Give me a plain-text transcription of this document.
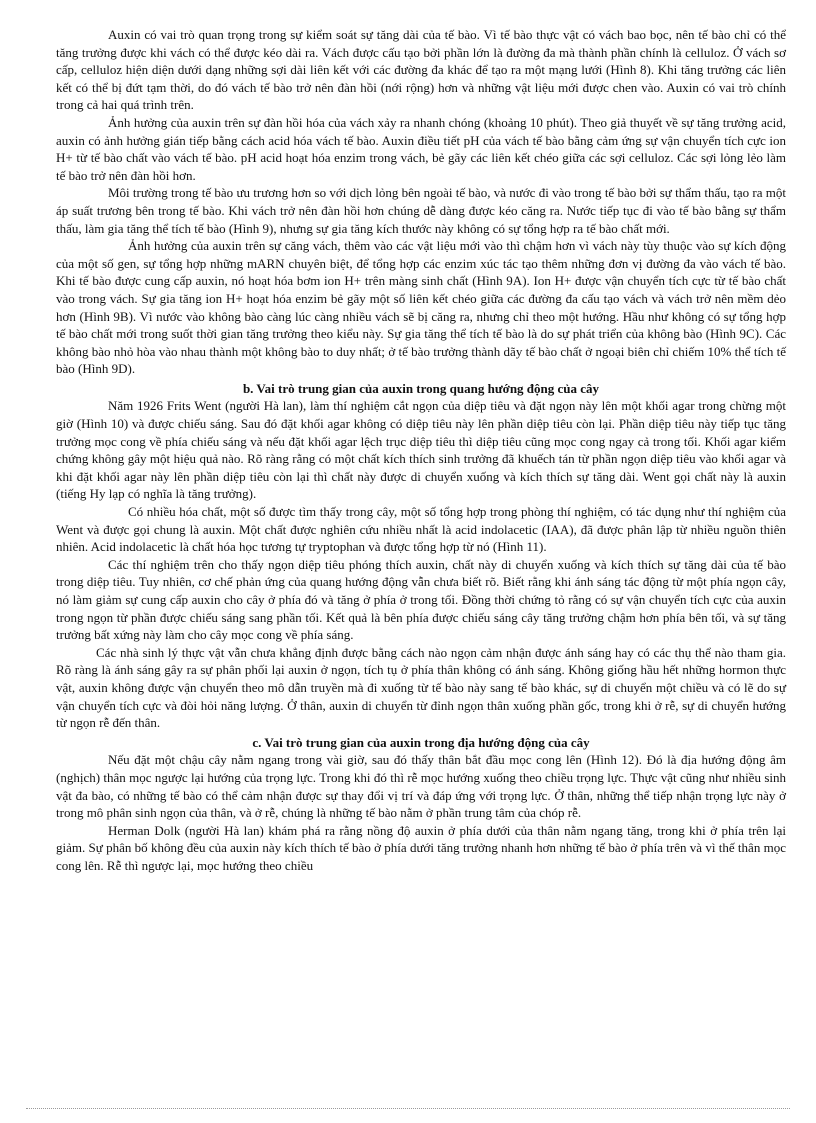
Auxin có vai trò quan trọng trong sự kiểm soát sự tăng dài của tế bào. Vì tế bào thực vật có vách bao bọc, nên tế bào chỉ có thể tăng trưởng được khi vách có thể được kéo dài ra. Vách được cấu tạo bởi phần lớn là đường đa mà thành phần chính là celluloz. Ở vách sơ cấp, celluloz hiện diện dưới dạng những sợi dài liên kết với các đường đa khác để tạo ra một mạng lưới (Hình 8). Khi tăng trưởng các liên kết có thể bị đứt tạm thời, do đó vách tế bào trở nên đàn hồi (nới rộng) hơn và những vật liệu mới được chen vào. Auxin có vai trò chính trong cả hai quá trình trên.

Ảnh hưởng của auxin trên sự đàn hồi hóa của vách xảy ra nhanh chóng (khoảng 10 phút). Theo giả thuyết về sự tăng trưởng acid, auxin có ảnh hưởng gián tiếp bằng cách acid hóa vách tế bào. Auxin điều tiết pH của vách tế bào bằng cảm ứng sự vận chuyển tích cực ion H+ từ tế bào chất vào vách tế bào. pH acid hoạt hóa enzim trong vách, bẻ gãy các liên kết chéo giữa các sợi celluloz. Các sợi lỏng lẻo làm tế bào trở nên đàn hồi hơn.

Môi trường trong tế bào ưu trương hơn so với dịch lỏng bên ngoài tế bào, và nước đi vào trong tế bào bởi sự thẩm thấu, tạo ra một áp suất trương bên trong tế bào. Khi vách trở nên đàn hồi hơn chúng dễ dàng được kéo căng ra. Nước tiếp tục đi vào tế bào bằng sự thẩm thấu, làm gia tăng thể tích tế bào (Hình 9), nhưng sự gia tăng kích thước này không có sự tổng hợp ra tế bào chất mới.

Ảnh hưởng của auxin trên sự căng vách, thêm vào các vật liệu mới vào thì chậm hơn vì vách này tùy thuộc vào sự kích động của một số gen, sự tổng hợp những mARN chuyên biệt, để tổng hợp các enzim xúc tác tạo thêm những đơn vị đường đa vào vách tế bào. Khi tế bào được cung cấp auxin, nó hoạt hóa bơm ion H+ trên màng sinh chất (Hình 9A). Ion H+ được vận chuyển tích cực từ tế bào chất vào trong vách. Sự gia tăng ion H+ hoạt hóa enzim bẻ gãy một số liên kết chéo giữa các đường đa cấu tạo vách và vách trở nên mềm dẻo hơn (Hình 9B). Vì nước vào không bào càng lúc càng nhiều vách sẽ bị căng ra, nhưng chỉ theo một hướng. Hầu như không có sự tổng hợp tế bào chất mới trong suốt thời gian tăng trưởng theo kiểu này. Sự gia tăng thể tích tế bào là do sự phát triển của không bào (Hình 9C). Các không bào nhỏ hòa vào nhau thành một không bào to duy nhất; ở tế bào trưởng thành dãy tế bào chất ở ngoại biên chỉ chiếm 10% thể tích tế bào (Hình 9D).

b. Vai trò trung gian của auxin trong quang hướng động của cây

Năm 1926 Frits Went (người Hà lan), làm thí nghiệm cắt ngọn của diệp tiêu và đặt ngọn này lên một khối agar trong chừng một giờ (Hình 10) và được chiếu sáng. Sau đó đặt khối agar không có diệp tiêu này lên phần diệp tiêu còn lại. Phần diệp tiêu này tiếp tục tăng trưởng mọc cong về phía chiếu sáng và nếu đặt khối agar lệch trục diệp tiêu thì diệp tiêu cũng mọc cong ngay cả trong tối. Khối agar kiểm chứng không gây một hiệu quả nào. Rõ ràng rằng có một chất kích thích sinh trưởng đã khuếch tán từ phần ngọn diệp tiêu vào khối agar và khi đặt khối agar này lên phần diệp tiêu còn lại thì chất này được di chuyển xuống và kích thích sự tăng dài. Went gọi chất này là auxin (tiếng Hy lạp có nghĩa là tăng trưởng).

Có nhiều hóa chất, một số được tìm thấy trong cây, một số tổng hợp trong phòng thí nghiệm, có tác dụng như thí nghiệm của Went và được gọi chung là auxin. Một chất được nghiên cứu nhiều nhất là acid indolacetic (IAA), đã được phân lập từ nhiều nguồn thiên nhiên. Acid indolacetic là chất hóa học tương tự tryptophan và được tổng hợp từ nó (Hình 11).

Các thí nghiệm trên cho thấy ngọn diệp tiêu phóng thích auxin, chất này di chuyển xuống và kích thích sự tăng dài của tế bào trong diệp tiêu. Tuy nhiên, cơ chế phản ứng của quang hướng động vẫn chưa biết rõ. Biết rằng khi ánh sáng tác động từ một phía ngọn cây, nó làm giảm sự cung cấp auxin cho cây ở phía đó và tăng ở phía ở trong tối. Đồng thời chứng tỏ rằng có sự vận chuyển tích cực của auxin trong ngọn từ phần được chiếu sáng sang phần tối. Kết quả là bên phía được chiếu sáng cây tăng trưởng chậm hơn phía bên tối, và sự tăng trưởng bất xứng này làm cho cây mọc cong về phía sáng.

Các nhà sinh lý thực vật vẫn chưa khẳng định được bằng cách nào ngọn cảm nhận được ánh sáng hay có các thụ thể nào tham gia. Rõ ràng là ánh sáng gây ra sự phân phối lại auxin ở ngọn, tích tụ ở phía thân không có ánh sáng. Không giống hầu hết những hormon thực vật, auxin không được vận chuyển theo mô dẫn truyền mà đi xuống từ tế bào này sang tế bào khác, sự di chuyển một chiều và có lẽ do sự vận chuyển tích cực và đòi hỏi năng lượng. Ở thân, auxin di chuyển từ đỉnh ngọn thân xuống phần gốc, trong khi ở rễ, sự di chuyển hướng từ ngọn rễ đến thân.

c. Vai trò trung gian của auxin trong địa hướng động của cây

Nếu đặt một chậu cây nằm ngang trong vài giờ, sau đó thấy thân bắt đầu mọc cong lên (Hình 12). Đó là địa hướng động âm (nghịch) thân mọc ngược lại hướng của trọng lực. Trong khi đó thì rễ mọc hướng xuống theo chiều trọng lực. Thực vật cũng như nhiều sinh vật đa bào, có những tế bào có thể cảm nhận được sự thay đổi vị trí và đáp ứng với trọng lực. Ở thân, những thể tiếp nhận trọng lực này ở trong mô phân sinh ngọn của thân, và ở rễ, chúng là những tế bào nằm ở phần trung tâm của chóp rễ.

Herman Dolk (người Hà lan) khám phá ra rằng nồng độ auxin ở phía dưới của thân nằm ngang tăng, trong khi ở phía trên lại giảm. Sự phân bố không đều của auxin này kích thích tế bào ở phía dưới tăng trưởng nhanh hơn những tế bào ở phía trên và vì thế thân mọc cong lên. Rễ thì ngược lại, mọc hướng theo chiều
